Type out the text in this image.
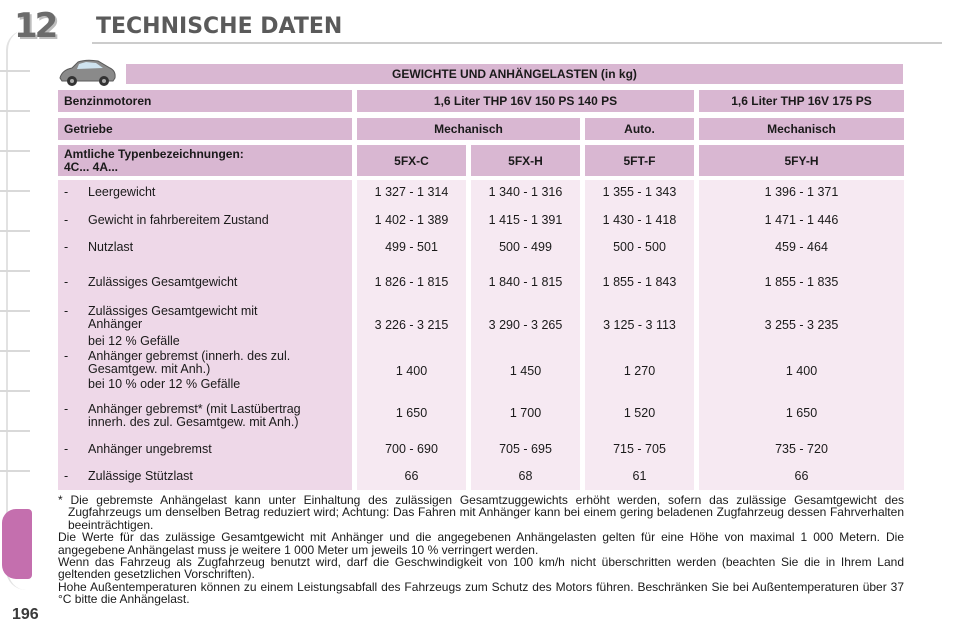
12	TECHNISCHE DATEN
GEWICHTE UND ANHÄNGELASTEN (in kg)
Benzinmotoren	1,6 Liter THP 16V 150 PS 140 PS	1,6 Liter THP 16V 175 PS
Getriebe	Mechanisch	Auto.	Mechanisch
Amtliche Typenbezeichnungen:
4C... 4A...	5FX-C	5FX-H	5FT-F	5FY-H
- Leergewicht	1 327 - 1 314	1 340 - 1 316	1 355 - 1 343	1 396 - 1 371
- Gewicht in fahrbereitem Zustand	1 402 - 1 389	1 415 - 1 391	1 430 - 1 418	1 471 - 1 446
- Nutzlast	499 - 501	500 - 499	500 - 500	459 - 464
- Zulässiges Gesamtgewicht	1 826 - 1 815	1 840 - 1 815	1 855 - 1 843	1 855 - 1 835
- Zulässiges Gesamtgewicht mit
Anhänger
bei 12 % Gefälle
3 226 - 3 215	3 290 - 3 265	3 125 - 3 113	3 255 - 3 235
- Anhänger gebremst (innerh. des zul.
Gesamtgew. mit Anh.)
bei 10 % oder 12 % Gefälle
1 400	1 450	1 270	1 400
- Anhänger gebremst* (mit Lastübertrag
innerh. des zul. Gesamtgew. mit Anh.)
1 650	1 700	1 520	1 650
- Anhänger ungebremst	700 - 690	705 - 695	715 - 705	735 - 720
- Zulässige Stützlast	66	68	61	66

* Die gebremste Anhängelast kann unter Einhaltung des zulässigen Gesamtzuggewichts erhöht werden, sofern das zulässige Gesamtgewicht des Zugfahrzeugs um denselben Betrag reduziert wird; Achtung: Das Fahren mit Anhänger kann bei einem gering beladenen Zugfahrzeug dessen Fahrverhalten beeinträchtigen.

Die Werte für das zulässige Gesamtgewicht mit Anhänger und die angegebenen Anhängelasten gelten für eine Höhe von maximal 1 000 Metern. Die angegebene Anhängelast muss je weitere 1 000 Meter um jeweils 10 % verringert werden.

Wenn das Fahrzeug als Zugfahrzeug benutzt wird, darf die Geschwindigkeit von 100 km/h nicht überschritten werden (beachten Sie die in Ihrem Land geltenden gesetzlichen Vorschriften).

Hohe Außentemperaturen können zu einem Leistungsabfall des Fahrzeugs zum Schutz des Motors führen. Beschränken Sie bei Außentemperaturen über 37 °C bitte die Anhängelast.

196
